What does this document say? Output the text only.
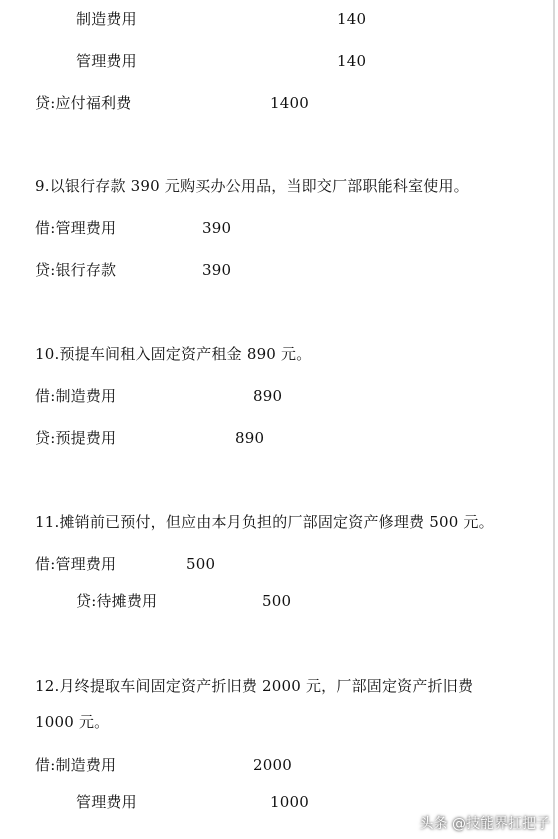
制造费用	140
管理费用	140
贷:应付福利费	1400
9.以银行存款 390 元购买办公用品，当即交厂部职能科室使用。
借:管理费用	390
贷:银行存款	390
10.预提车间租入固定资产租金 890 元。
借:制造费用	890
贷:预提费用	890
11.摊销前已预付，但应由本月负担的厂部固定资产修理费 500 元。
借:管理费用	500
贷:待摊费用	500
12.月终提取车间固定资产折旧费 2000 元，厂部固定资产折旧费
1000 元。
借:制造费用	2000
管理费用	1000
头条 @技能界扛把子
